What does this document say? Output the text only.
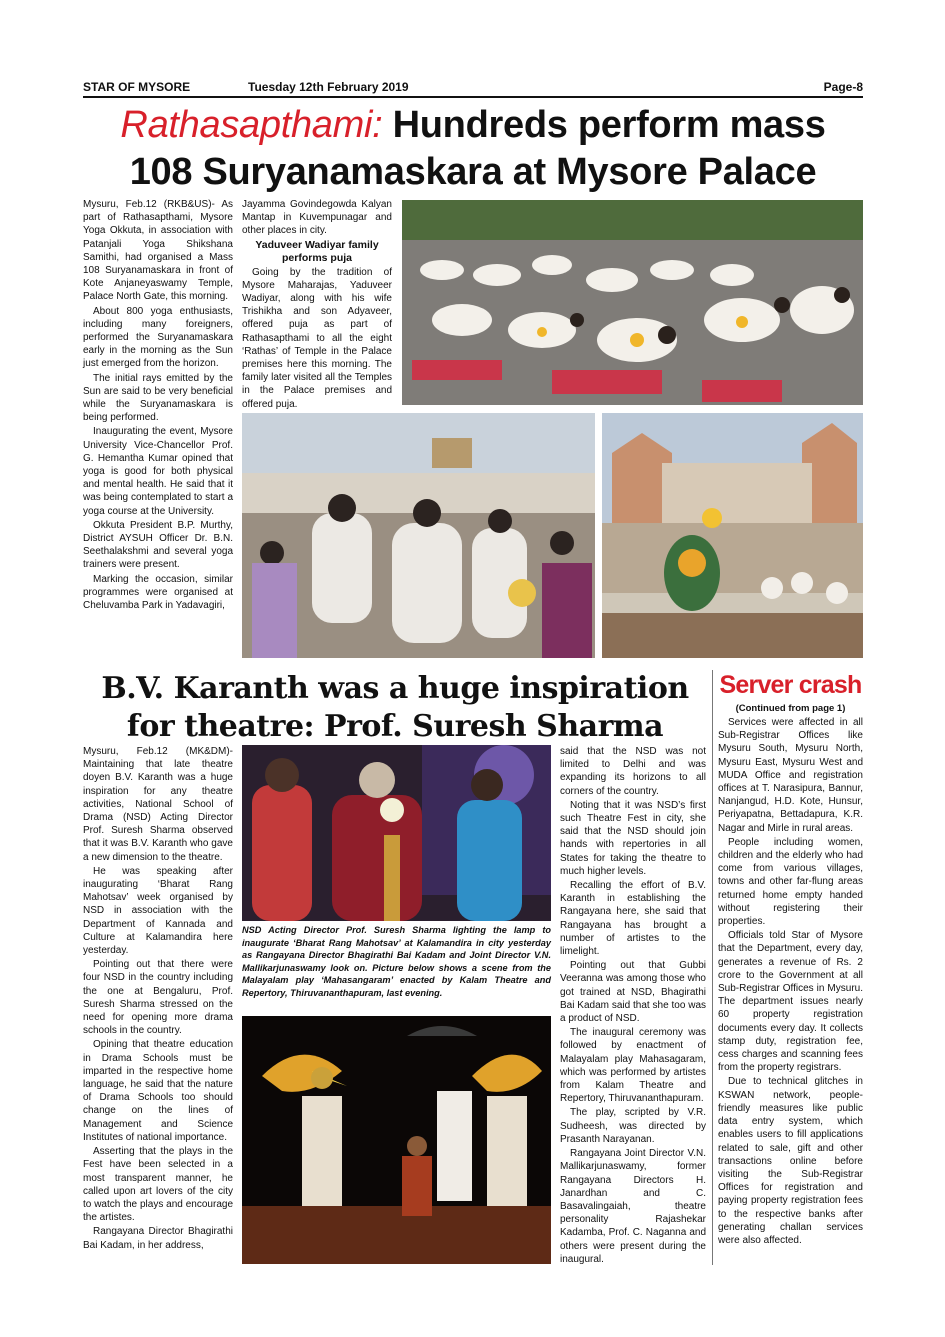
STAR OF MYSORE	Tuesday 12th February 2019	Page-8
Rathasapthami: Hundreds perform mass
108 Suryanamaskara at Mysore Palace

Mysuru, Feb.12 (RKB&US)- As part of Rathasapthami, Mysore Yoga Okkuta, in association with Patanjali Yoga Shikshana Samithi, had organised a Mass 108 Suryanamaskara in front of Kote Anjaneyaswamy Temple, Palace North Gate, this morning.

About 800 yoga enthusiasts, including many foreigners, performed the Suryanamaskara early in the morning as the Sun just emerged from the horizon.

The initial rays emitted by the Sun are said to be very beneficial while the Suryanamaskara is being performed.

Inaugurating the event, Mysore University Vice-Chancellor Prof. G. Hemantha Kumar opined that yoga is good for both physical and mental health. He said that it was being contemplated to start a yoga course at the University.

Okkuta President B.P. Murthy, District AYSUH Officer Dr. B.N. Seethalakshmi and several yoga trainers were present.

Marking the occasion, similar programmes were organised at Cheluvamba Park in Yadavagiri,

Jayamma Govindegowda Kalyan Mantap in Kuvempunagar and other places in city.

Yaduveer Wadiyar family performs puja

Going by the tradition of Mysore Maharajas, Yaduveer Wadiyar, along with his wife Trishikha and son Adyaveer, offered puja as part of Rathasapthami to all the eight ‘Rathas’ of Temple in the Palace premises here this morning. The family later visited all the Temples in the Palace premises and offered puja.

B.V. Karanth was a huge inspiration
for theatre: Prof. Suresh Sharma
Server crash
(Continued from page 1)

Mysuru, Feb.12 (MK&DM)- Maintaining that late theatre doyen B.V. Karanth was a huge inspiration for any theatre activities, National School of Drama (NSD) Acting Director Prof. Suresh Sharma observed that it was B.V. Karanth who gave a new dimension to the theatre.

He was speaking after inaugurating ‘Bharat Rang Mahotsav’ week organised by NSD in association with the Department of Kannada and Culture at Kalamandira here yesterday.

Pointing out that there were four NSD in the country including the one at Bengaluru, Prof. Suresh Sharma stressed on the need for opening more drama schools in the country.

Opining that theatre education in Drama Schools must be imparted in the respective home language, he said that the nature of Drama Schools too should change on the lines of Management and Science Institutes of national importance.

Asserting that the plays in the Fest have been selected in a most transparent manner, he called upon art lovers of the city to watch the plays and encourage the artistes.

Rangayana Director Bhagirathi Bai Kadam, in her address,

NSD Acting Director Prof. Suresh Sharma lighting the lamp to inaugurate ‘Bharat Rang Mahotsav’ at Kalamandira in city yesterday as Rangayana Director Bhagirathi Bai Kadam and Joint Director V.N. Mallikarjunaswamy look on. Picture below shows a scene from the Malayalam play ‘Mahasangaram’ enacted by Kalam Theatre and Repertory, Thiruvananthapuram, last evening.

said that the NSD was not limited to Delhi and was expanding its horizons to all corners of the country.

Noting that it was NSD’s first such Theatre Fest in city, she said that the NSD should join hands with repertories in all States for taking the theatre to much higher levels.

Recalling the effort of B.V. Karanth in establishing the Rangayana here, she said that Rangayana has brought a number of artistes to the limelight.

Pointing out that Gubbi Veeranna was among those who got trained at NSD, Bhagirathi Bai Kadam said that she too was a product of NSD.

The inaugural ceremony was followed by enactment of Malayalam play Mahasagaram, which was performed by artistes from Kalam Theatre and Repertory, Thiruvananthapuram.

The play, scripted by V.R. Sudheesh, was directed by Prasanth Narayanan.

Rangayana Joint Director V.N. Mallikarjunaswamy, former Rangayana Directors H. Janardhan and C. Basavalingaiah, theatre personality Rajashekar Kadamba, Prof. C. Naganna and others were present during the inaugural.

Services were affected in all Sub-Registrar Offices like Mysuru South, Mysuru North, Mysuru East, Mysuru West and MUDA Office and registration offices at T. Narasipura, Bannur, Nanjangud, H.D. Kote, Hunsur, Periyapatna, Bettadapura, K.R. Nagar and Mirle in rural areas.

People including women, children and the elderly who had come from various villages, towns and other far-flung areas returned home empty handed without registering their properties.

Officials told Star of Mysore that the Department, every day, generates a revenue of Rs. 2 crore to the Government at all Sub-Registrar Offices in Mysuru. The department issues nearly 60 property registration documents every day. It collects stamp duty, registration fee, cess charges and scanning fees from the property registrars.

Due to technical glitches in KSWAN network, people-friendly measures like public data entry system, which enables users to fill applications related to sale, gift and other transactions online before visiting the Sub-Registrar Offices for registration and paying property registration fees to the respective banks after generating challan services were also affected.
